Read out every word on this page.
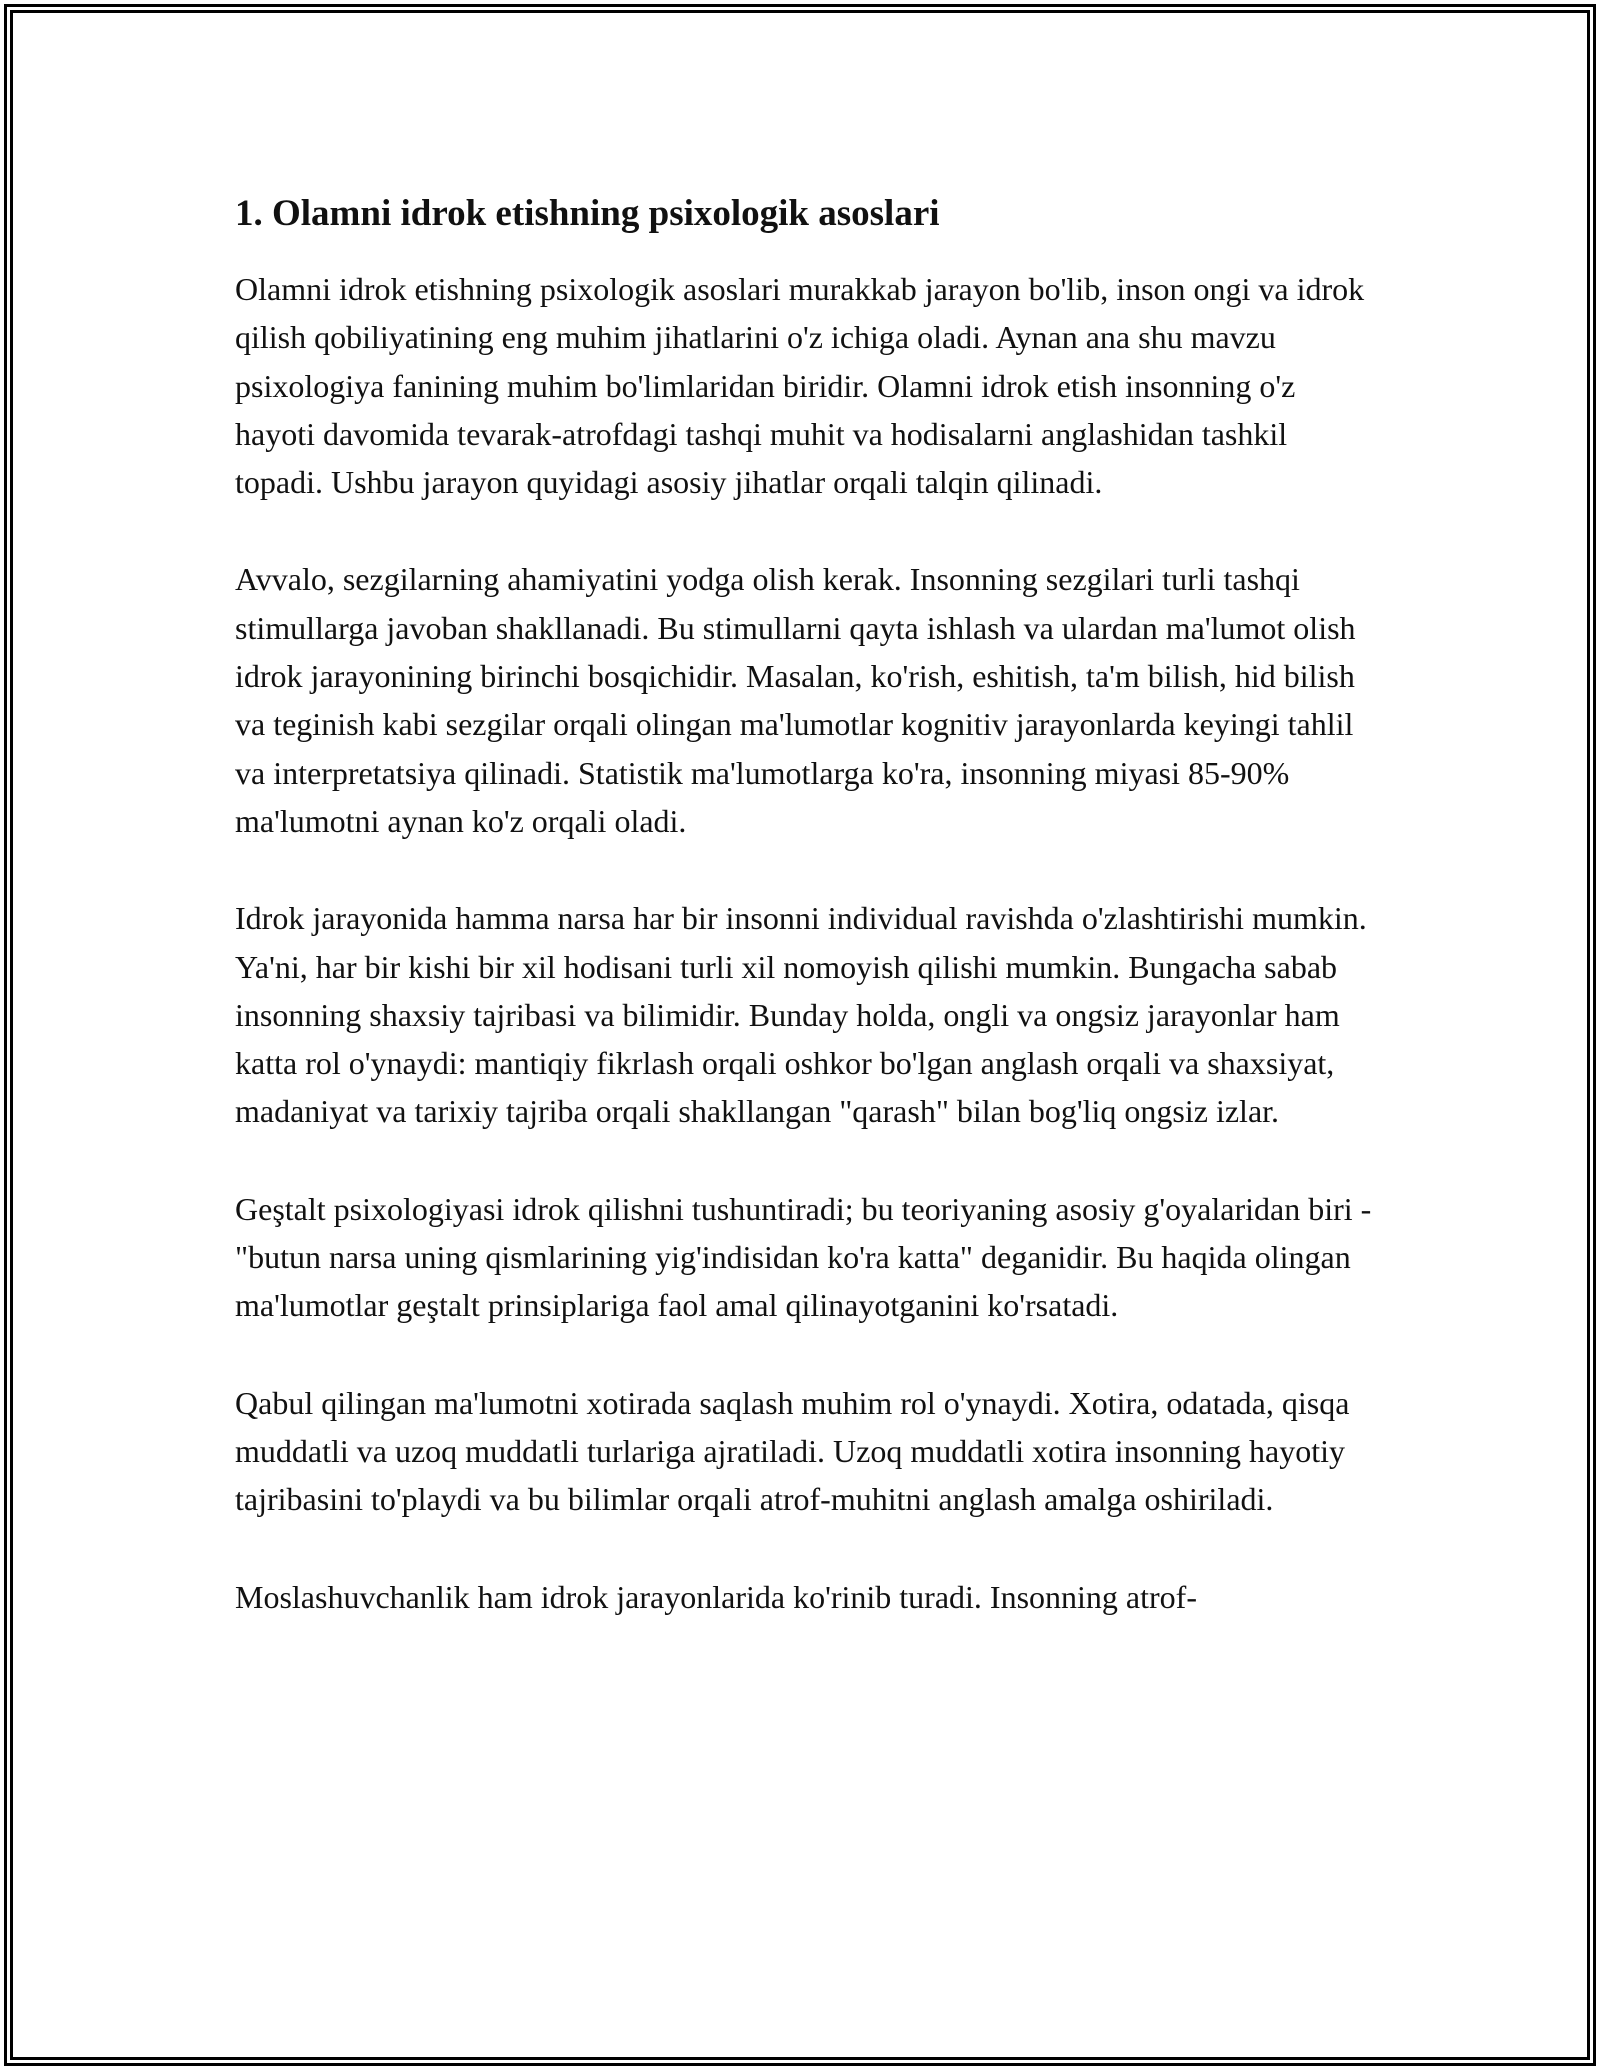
1. Olamni idrok etishning psixologik asoslari

Olamni idrok etishning psixologik asoslari murakkab jarayon bo'lib, inson ongi va idrok qilish qobiliyatining eng muhim jihatlarini o'z ichiga oladi. Aynan ana shu mavzu psixologiya fanining muhim bo'limlaridan biridir. Olamni idrok etish insonning o'z hayoti davomida tevarak-atrofdagi tashqi muhit va hodisalarni anglashidan tashkil topadi. Ushbu jarayon quyidagi asosiy jihatlar orqali talqin qilinadi.

Avvalo, sezgilarning ahamiyatini yodga olish kerak. Insonning sezgilari turli tashqi stimullarga javoban shakllanadi. Bu stimullarni qayta ishlash va ulardan ma'lumot olish idrok jarayonining birinchi bosqichidir. Masalan, ko'rish, eshitish, ta'm bilish, hid bilish va teginish kabi sezgilar orqali olingan ma'lumotlar kognitiv jarayonlarda keyingi tahlil va interpretatsiya qilinadi. Statistik ma'lumotlarga ko'ra, insonning miyasi 85-90% ma'lumotni aynan ko'z orqali oladi.

Idrok jarayonida hamma narsa har bir insonni individual ravishda o'zlashtirishi mumkin. Ya'ni, har bir kishi bir xil hodisani turli xil nomoyish qilishi mumkin. Bungacha sabab insonning shaxsiy tajribasi va bilimidir. Bunday holda, ongli va ongsiz jarayonlar ham katta rol o'ynaydi: mantiqiy fikrlash orqali oshkor bo'lgan anglash orqali va shaxsiyat, madaniyat va tarixiy tajriba orqali shakllangan "qarash" bilan bog'liq ongsiz izlar.

Geştalt psixologiyasi idrok qilishni tushuntiradi; bu teoriyaning asosiy g'oyalaridan biri - "butun narsa uning qismlarining yig'indisidan ko'ra katta" deganidir. Bu haqida olingan ma'lumotlar geştalt prinsiplariga faol amal qilinayotganini ko'rsatadi.

Qabul qilingan ma'lumotni xotirada saqlash muhim rol o'ynaydi. Xotira, odatada, qisqa muddatli va uzoq muddatli turlariga ajratiladi. Uzoq muddatli xotira insonning hayotiy tajribasini to'playdi va bu bilimlar orqali atrof-muhitni anglash amalga oshiriladi.

Moslashuvchanlik ham idrok jarayonlarida ko'rinib turadi. Insonning atrof-
